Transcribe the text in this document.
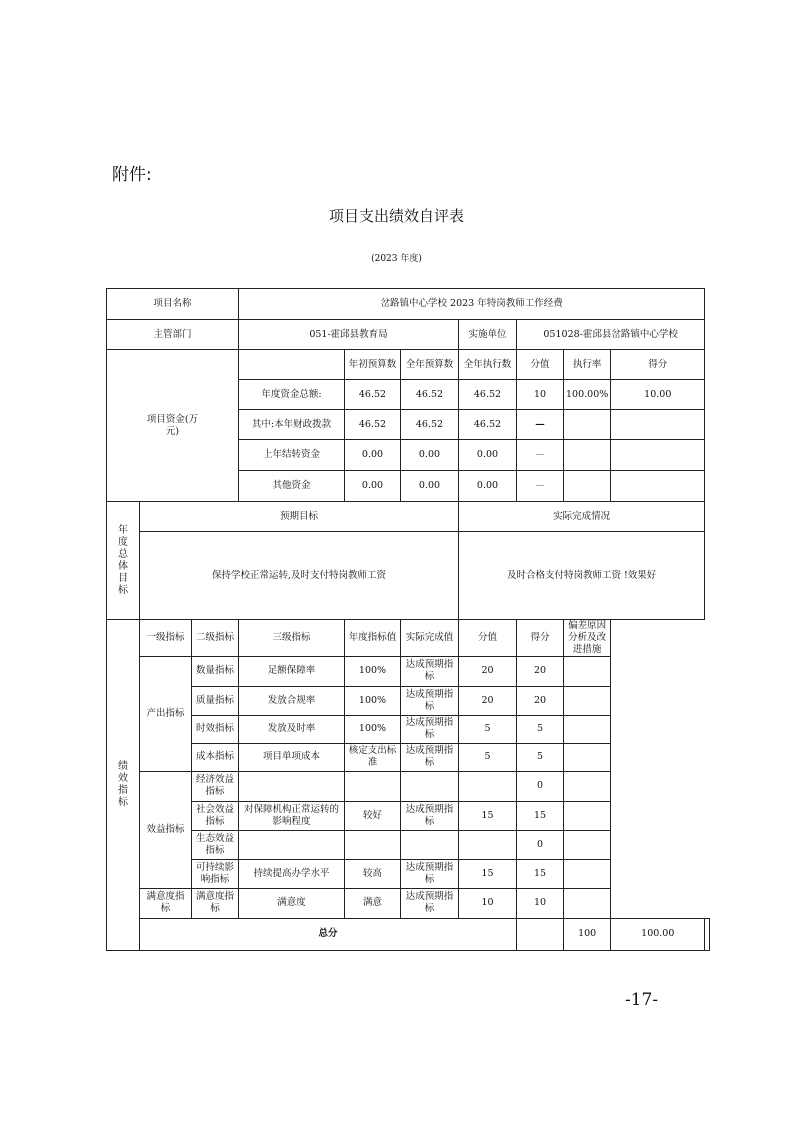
附件:
项目支出绩效自评表
(2023 年度)
项目名称			岔路镇中心学校 2023 年特岗教师工作经费							
主管部门			051-霍邱县教育局			实施单位	051028-霍邱县岔路镇中心学校			
项目资金(万元)				年初预算数	全年预算数	全年执行数	分值	执行率	得分	
			年度资金总额:	46.52	46.52	46.52	10	100.00%	10.00	
			其中:本年财政拨款	46.52	46.52	46.52	—			
			上年结转资金	0.00	0.00	0.00	—			
			其他资金	0.00	0.00	0.00	—			
年度总体目标	预期目标					实际完成情况				
	保持学校正常运转,及时支付特岗教师工资					及时合格支付特岗教师工资 !效果好				
绩效指标	一级指标	二级指标	三级指标	年度指标值	实际完成值	分值	得分	偏差原因分析及改进措施		
	产出指标	数量指标	足额保障率	100%	达成预期指标	20	20			
		质量指标	发放合规率	100%	达成预期指标	20	20			
		时效指标	发放及时率	100%	达成预期指标	5	5			
		成本指标	项目单项成本	核定支出标准	达成预期指标	5	5			
	效益指标	经济效益指标					0			
		社会效益指标	对保障机构正常运转的影响程度	较好	达成预期指标	15	15			
		生态效益指标					0			
		可持续影响指标	持续提高办学水平	较高	达成预期指标	15	15			
	满意度指标	满意度指标	满意度	满意	达成预期指标	10	10			
	总分							100	100.00	
-17-
